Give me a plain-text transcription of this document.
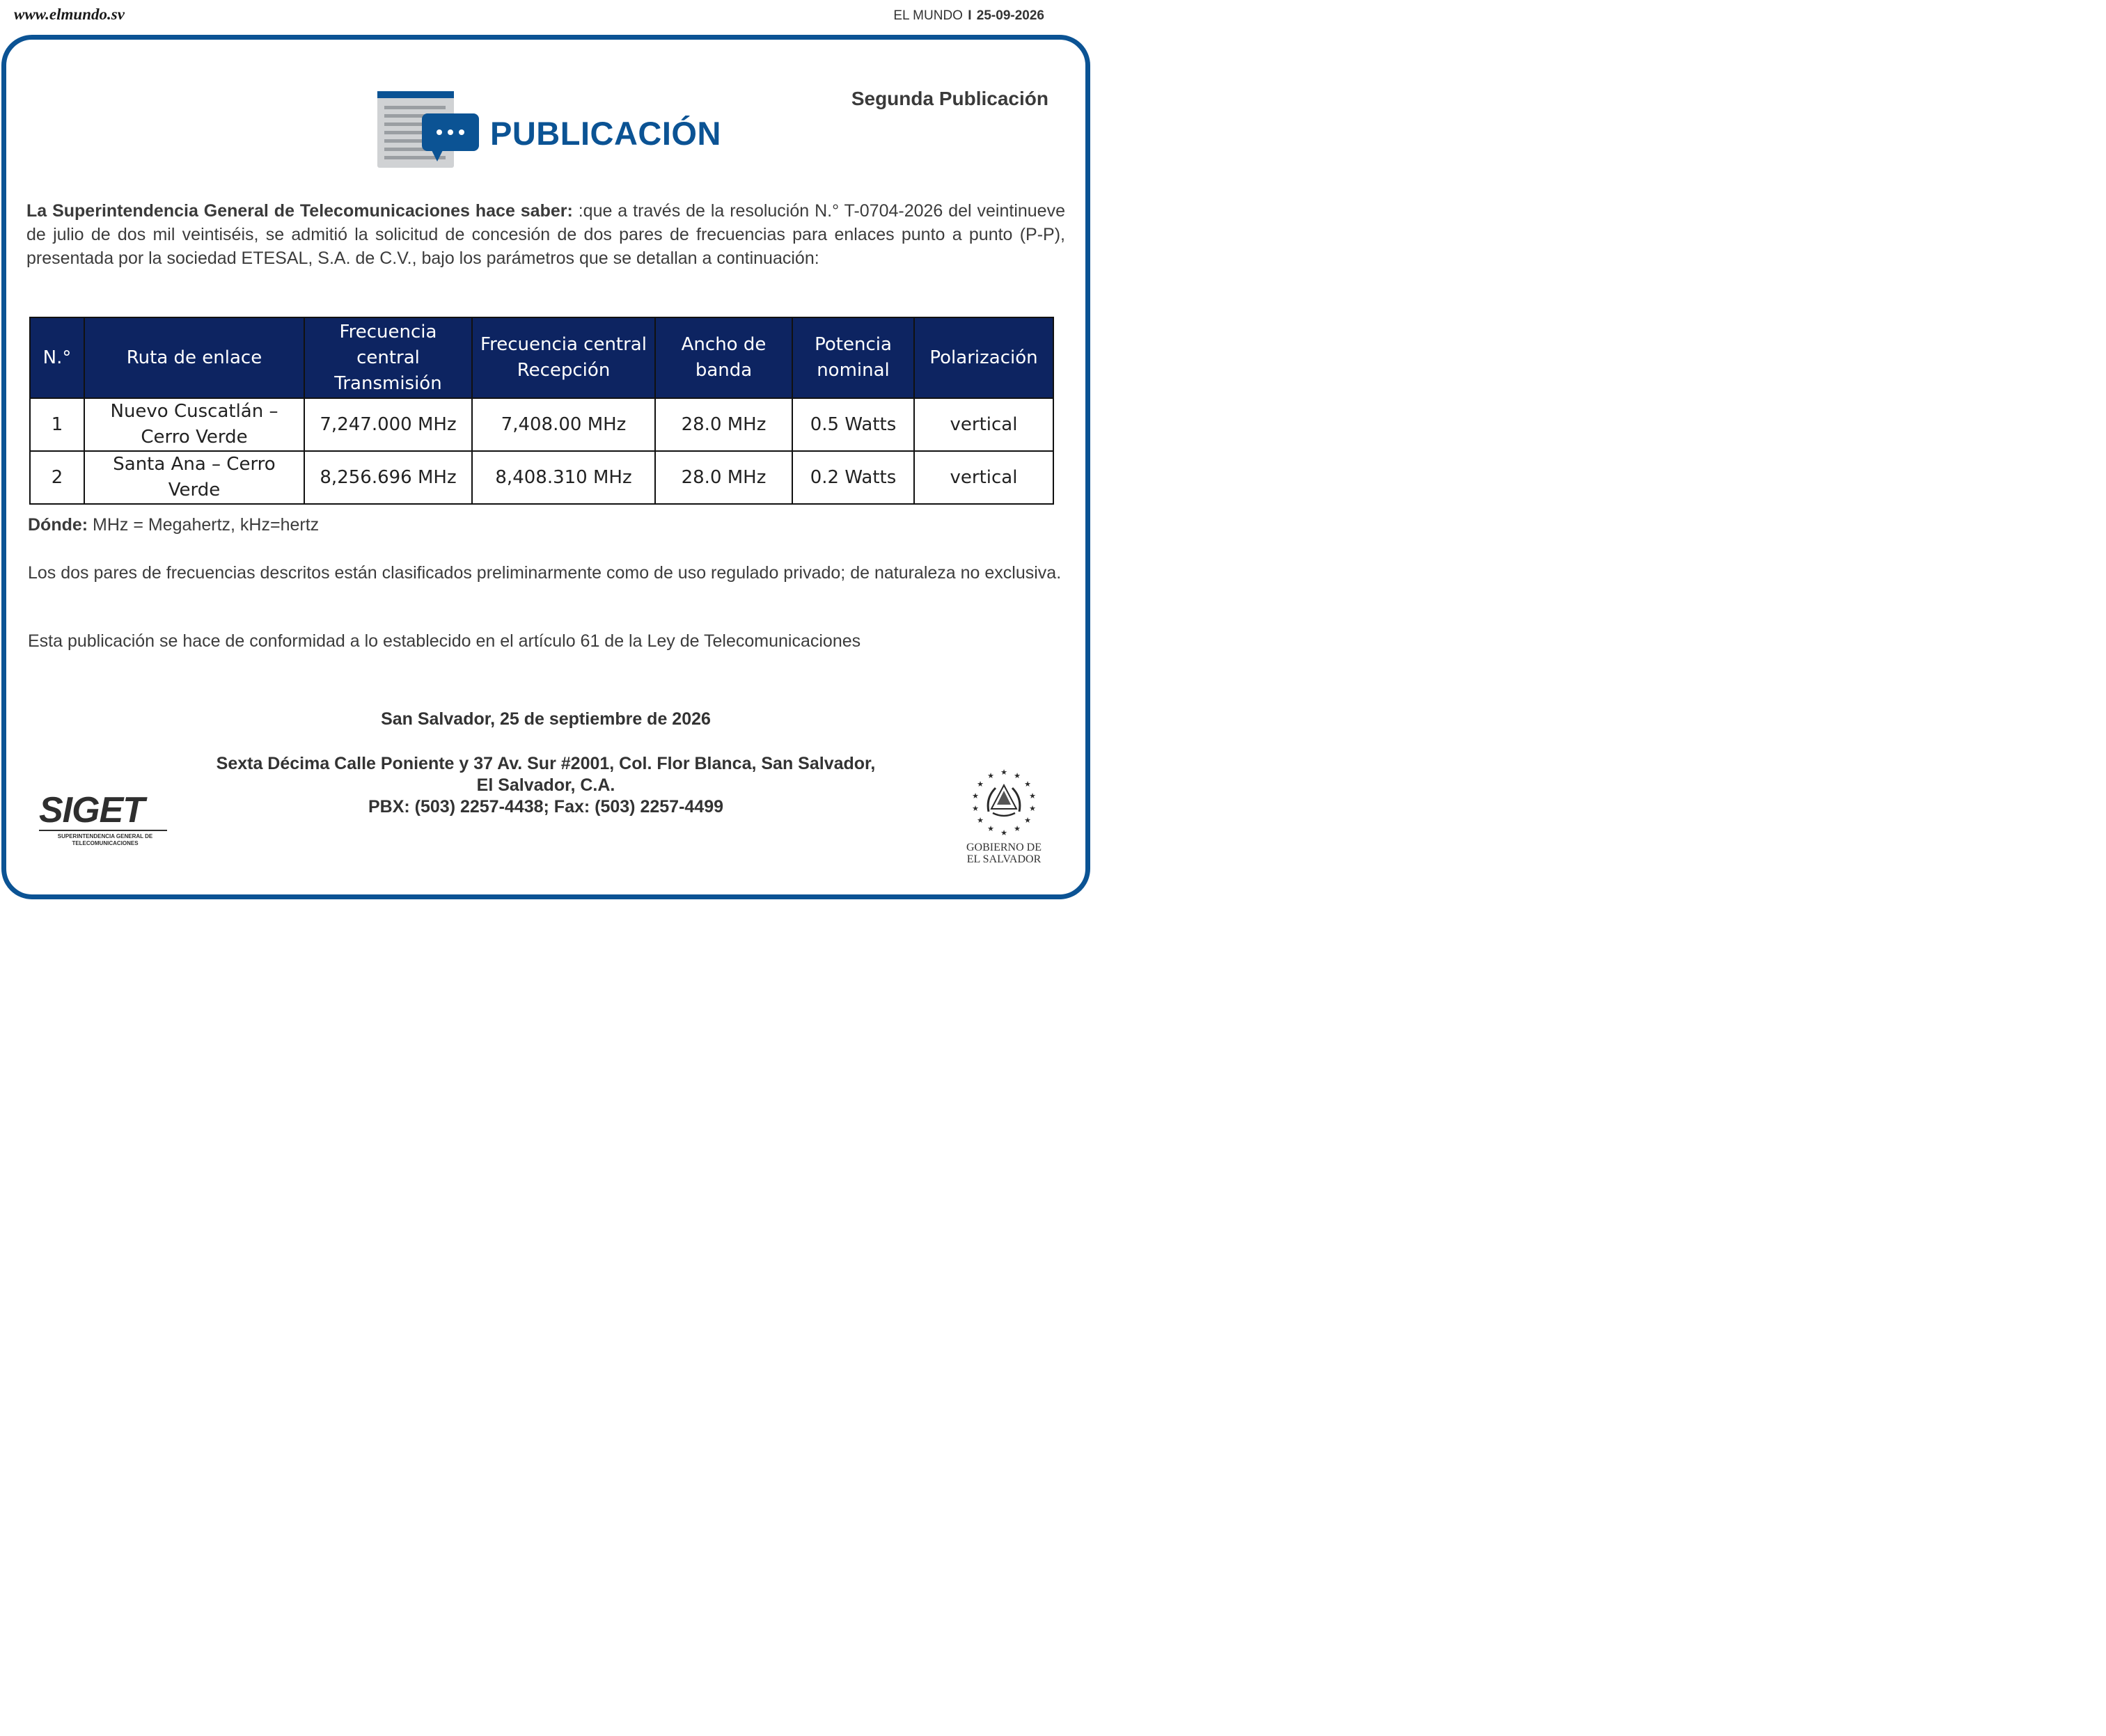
www.elmundo.sv	EL MUNDO I 25-09-2026
PUBLICACIÓN
Segunda Publicación
La Superintendencia General de Telecomunicaciones hace saber: :que a través de la resolución N.° T-0704-2026 del veintinueve de julio de dos mil veintiséis, se admitió la solicitud de concesión de dos pares de frecuencias para enlaces punto a punto (P-P), presentada por la sociedad ETESAL, S.A. de C.V., bajo los parámetros que se detallan a continuación:
N.°	Ruta de enlace	Frecuencia central Transmisión	Frecuencia central Recepción	Ancho de banda	Potencia nominal	Polarización
1	Nuevo Cuscatlán – Cerro Verde	7,247.000 MHz	7,408.00 MHz	28.0 MHz	0.5 Watts	vertical
2	Santa Ana – Cerro Verde	8,256.696 MHz	8,408.310 MHz	28.0 MHz	0.2 Watts	vertical
Dónde: MHz = Megahertz, kHz=hertz
Los dos pares de frecuencias descritos están clasificados preliminarmente como de uso regulado privado; de naturaleza no exclusiva.
Esta publicación se hace de conformidad a lo establecido en el artículo 61 de la Ley de Telecomunicaciones
San Salvador, 25 de septiembre de 2026
Sexta Décima Calle Poniente y 37 Av. Sur #2001, Col. Flor Blanca, San Salvador,
El Salvador, C.A.
PBX: (503) 2257-4438; Fax: (503) 2257-4499
SIGET
SUPERINTENDENCIA GENERAL DE
TELECOMUNICACIONES
★
★	★
★	★
★	★
★	★
★	★
★	★
★
GOBIERNO DE
EL SALVADOR
